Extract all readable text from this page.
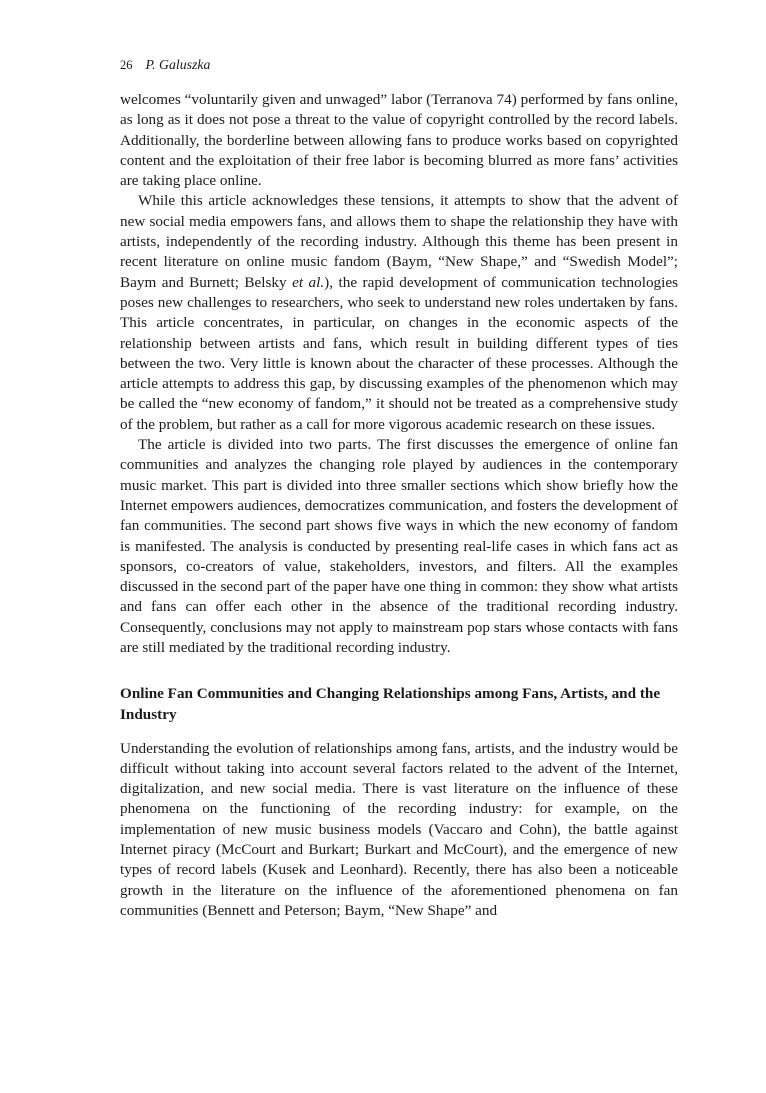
26 P. Galuszka

welcomes “voluntarily given and unwaged” labor (Terranova 74) performed by fans online, as long as it does not pose a threat to the value of copyright controlled by the record labels. Additionally, the borderline between allowing fans to produce works based on copyrighted content and the exploitation of their free labor is becoming blurred as more fans’ activities are taking place online.

While this article acknowledges these tensions, it attempts to show that the advent of new social media empowers fans, and allows them to shape the relationship they have with artists, independently of the recording industry. Although this theme has been present in recent literature on online music fandom (Baym, “New Shape,” and “Swedish Model”; Baym and Burnett; Belsky et al.), the rapid development of communication technologies poses new challenges to researchers, who seek to understand new roles undertaken by fans. This article concentrates, in particular, on changes in the economic aspects of the relationship between artists and fans, which result in building different types of ties between the two. Very little is known about the character of these processes. Although the article attempts to address this gap, by discussing examples of the phenomenon which may be called the “new economy of fandom,” it should not be treated as a comprehensive study of the problem, but rather as a call for more vigorous academic research on these issues.

The article is divided into two parts. The first discusses the emergence of online fan communities and analyzes the changing role played by audiences in the contemporary music market. This part is divided into three smaller sections which show briefly how the Internet empowers audiences, democratizes communication, and fosters the development of fan communities. The second part shows five ways in which the new economy of fandom is manifested. The analysis is conducted by presenting real-life cases in which fans act as sponsors, co-creators of value, stakeholders, investors, and filters. All the examples discussed in the second part of the paper have one thing in common: they show what artists and fans can offer each other in the absence of the traditional recording industry. Consequently, conclusions may not apply to mainstream pop stars whose contacts with fans are still mediated by the traditional recording industry.

Online Fan Communities and Changing Relationships among Fans, Artists, and the Industry

Understanding the evolution of relationships among fans, artists, and the industry would be difficult without taking into account several factors related to the advent of the Internet, digitalization, and new social media. There is vast literature on the influence of these phenomena on the functioning of the recording industry: for example, on the implementation of new music business models (Vaccaro and Cohn), the battle against Internet piracy (McCourt and Burkart; Burkart and McCourt), and the emergence of new types of record labels (Kusek and Leonhard). Recently, there has also been a noticeable growth in the literature on the influence of the aforementioned phenomena on fan communities (Bennett and Peterson; Baym, “New Shape” and
